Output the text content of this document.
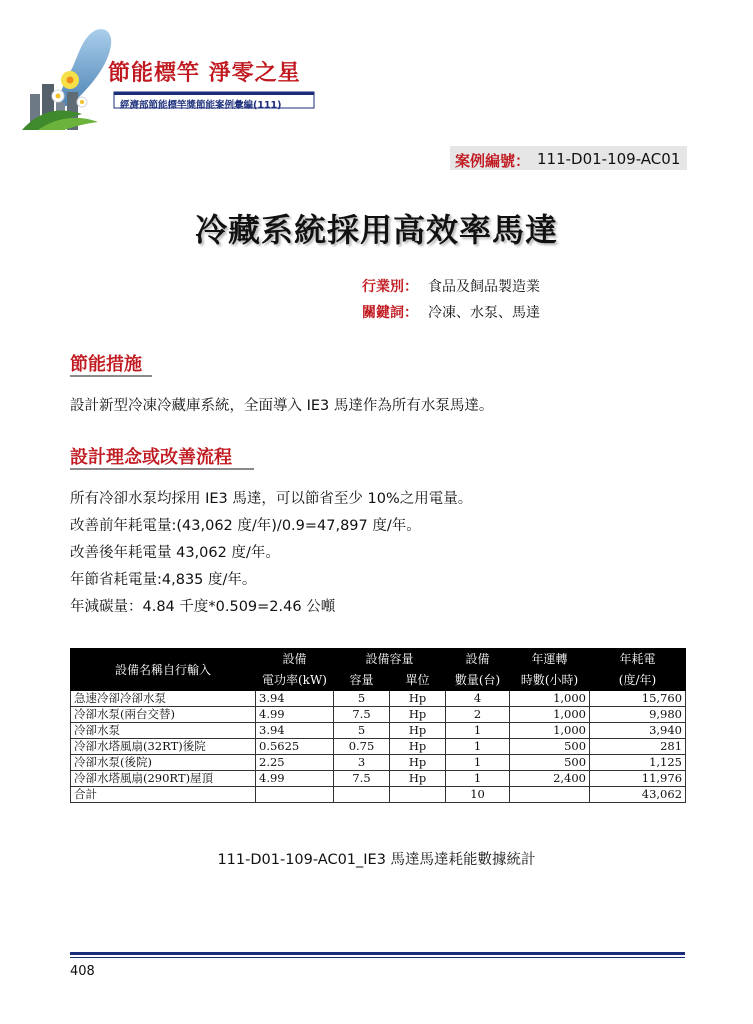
節能標竿 淨零之星
經濟部節能標竿獎節能案例彙編(111)
案例編號： 111-D01-109-AC01
冷藏系統採用高效率馬達
行業別： 食品及飼品製造業
關鍵詞： 冷凍、水泵、馬達
節能措施
設計新型冷凍冷藏庫系統，全面導入 IE3 馬達作為所有水泵馬達。
設計理念或改善流程
所有冷卻水泵均採用 IE3 馬達，可以節省至少 10%之用電量。
改善前年耗電量:(43,062 度/年)/0.9=47,897 度/年。
改善後年耗電量 43,062 度/年。
年節省耗電量:4,835 度/年。
年減碳量：4.84 千度*0.509=2.46 公噸
設備名稱自行輸入	設備	設備容量		設備	年運轉	年耗電
	電功率(kW)	容量	單位	數量(台)	時數(小時)	(度/年)
急速冷卻冷卻水泵	3.94	5	Hp	4	1,000	15,760
冷卻水泵(兩台交替)	4.99	7.5	Hp	2	1,000	9,980
冷卻水泵	3.94	5	Hp	1	1,000	3,940
冷卻水塔風扇(32RT)後院	0.5625	0.75	Hp	1	500	281
冷卻水泵(後院)	2.25	3	Hp	1	500	1,125
冷卻水塔風扇(290RT)屋頂	4.99	7.5	Hp	1	2,400	11,976
合計				10		43,062
111-D01-109-AC01_IE3 馬達馬達耗能數據統計
408
